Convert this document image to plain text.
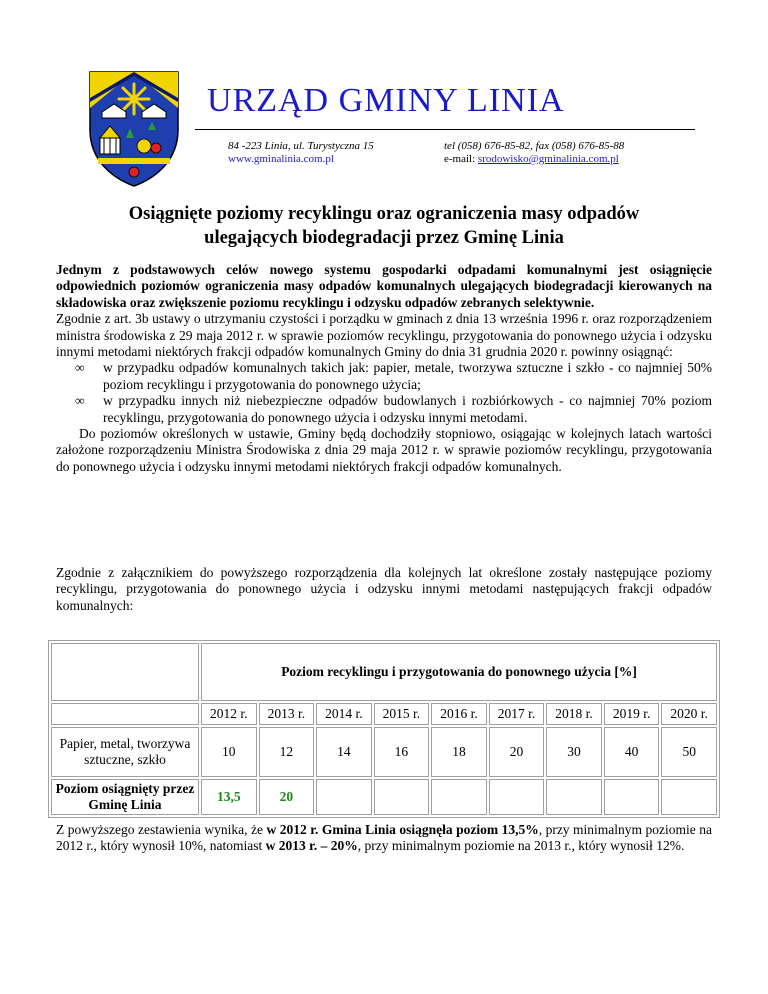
URZĄD GMINY LINIA
84 -223 Linia, ul. Turystyczna 15
www.gminalinia.com.pl
tel (058) 676-85-82, fax (058) 676-85-88
e-mail: srodowisko@gminalinia.com.pl
Osiągnięte poziomy recyklingu oraz ograniczenia masy odpadów
ulegających biodegradacji przez Gminę Linia
Jednym z podstawowych celów nowego systemu gospodarki odpadami komunalnymi jest osiągnięcie odpowiednich poziomów ograniczenia masy odpadów komunalnych ulegających biodegradacji kierowanych na składowiska oraz zwiększenie poziomu recyklingu i odzysku odpadów zebranych selektywnie.
Zgodnie z art. 3b ustawy o utrzymaniu czystości i porządku w gminach z dnia 13 września 1996 r. oraz rozporządzeniem ministra środowiska z 29 maja 2012 r. w sprawie poziomów recyklingu, przygotowania do ponownego użycia i odzysku innymi metodami niektórych frakcji odpadów komunalnych Gminy do dnia 31 grudnia 2020 r. powinny osiągnąć:
∞ w przypadku odpadów komunalnych takich jak: papier, metale, tworzywa sztuczne i szkło - co najmniej 50% poziom recyklingu i przygotowania do ponownego użycia;
∞ w przypadku innych niż niebezpieczne odpadów budowlanych i rozbiórkowych - co najmniej 70% poziom recyklingu, przygotowania do ponownego użycia i odzysku innymi metodami.
Do poziomów określonych w ustawie, Gminy będą dochodziły stopniowo, osiągając w kolejnych latach wartości założone rozporządzeniu Ministra Środowiska z dnia 29 maja 2012 r. w sprawie poziomów recyklingu, przygotowania do ponownego użycia i odzysku innymi metodami niektórych frakcji odpadów komunalnych.
Zgodnie z załącznikiem do powyższego rozporządzenia dla kolejnych lat określone zostały następujące poziomy recyklingu, przygotowania do ponownego użycia i odzysku innymi metodami następujących frakcji odpadów komunalnych:
	Poziom recyklingu i przygotowania do ponownego użycia [%]								
	2012 r.	2013 r.	2014 r.	2015 r.	2016 r.	2017 r.	2018 r.	2019 r.	2020 r.
Papier, metal, tworzywa sztuczne, szkło	10	12	14	16	18	20	30	40	50
Poziom osiągnięty przez Gminę Linia	13,5	20							
Z powyższego zestawienia wynika, że w 2012 r. Gmina Linia osiągnęła poziom 13,5%, przy minimalnym poziomie na 2012 r., który wynosił 10%, natomiast w 2013 r. – 20%, przy minimalnym poziomie na 2013 r., który wynosił 12%.
